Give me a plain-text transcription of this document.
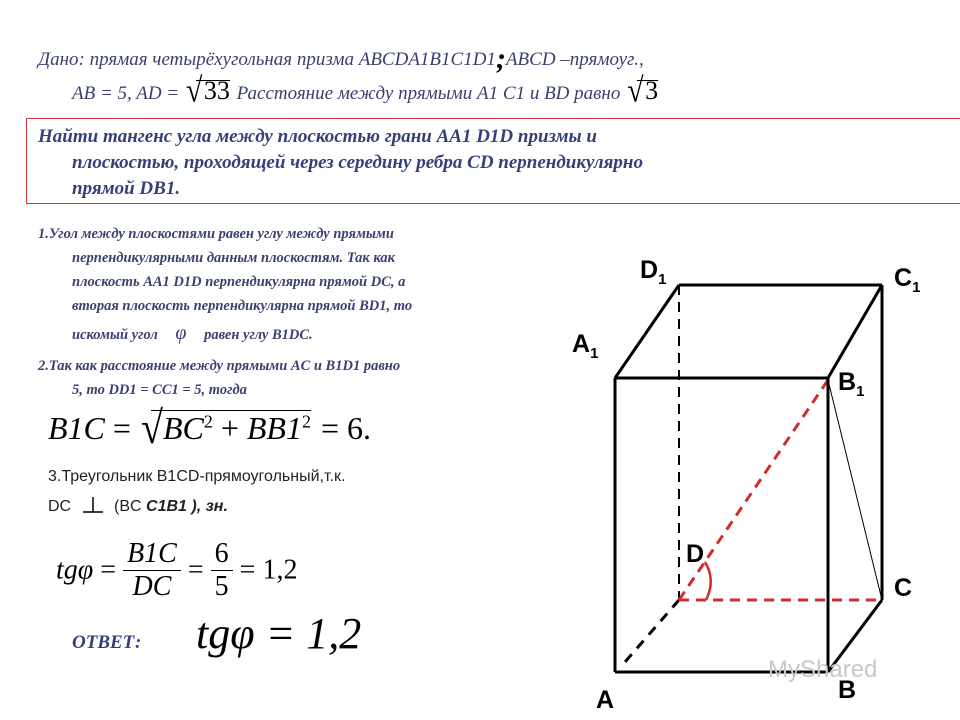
Дано: прямая четырёхугольная призма ABCDA1B1C1D1;ABCD –прямоуг.,
AB = 5, AD = √ 33 Расстояние между прямыми А1 С1 и BD равно √ 3
Найти тангенс угла между плоскостью грани АА1 D1D призмы и
плоскостью, проходящей через середину ребра CD перпендикулярно
прямой DB1.
1.Угол между плоскостями равен углу между прямыми
перпендикулярными данным плоскостям. Так как
плоскость АА1 D1D перпендикулярна прямой DC, а
вторая плоскость перпендикулярна прямой BD1, то
искомый угол φ равен углу B1DC.
2.Так как расстояние между прямыми AC и B1D1 равно
5, то DD1 = CC1 = 5, тогда
B1C = √ $BC^2 + BB1^2 = 6$.
3.Треугольник B1CD-прямоугольный,т.к.
DC	(BC C1B1 ), зн.
$tg\varphi = \frac{B1C}{DC} = \frac{6}{5} = 1,2$
ОТВЕТ: tgφ = 1,2
$D_1$	$C_1$
$A_1$
$B_1$
D
C
A	B
MyShared
